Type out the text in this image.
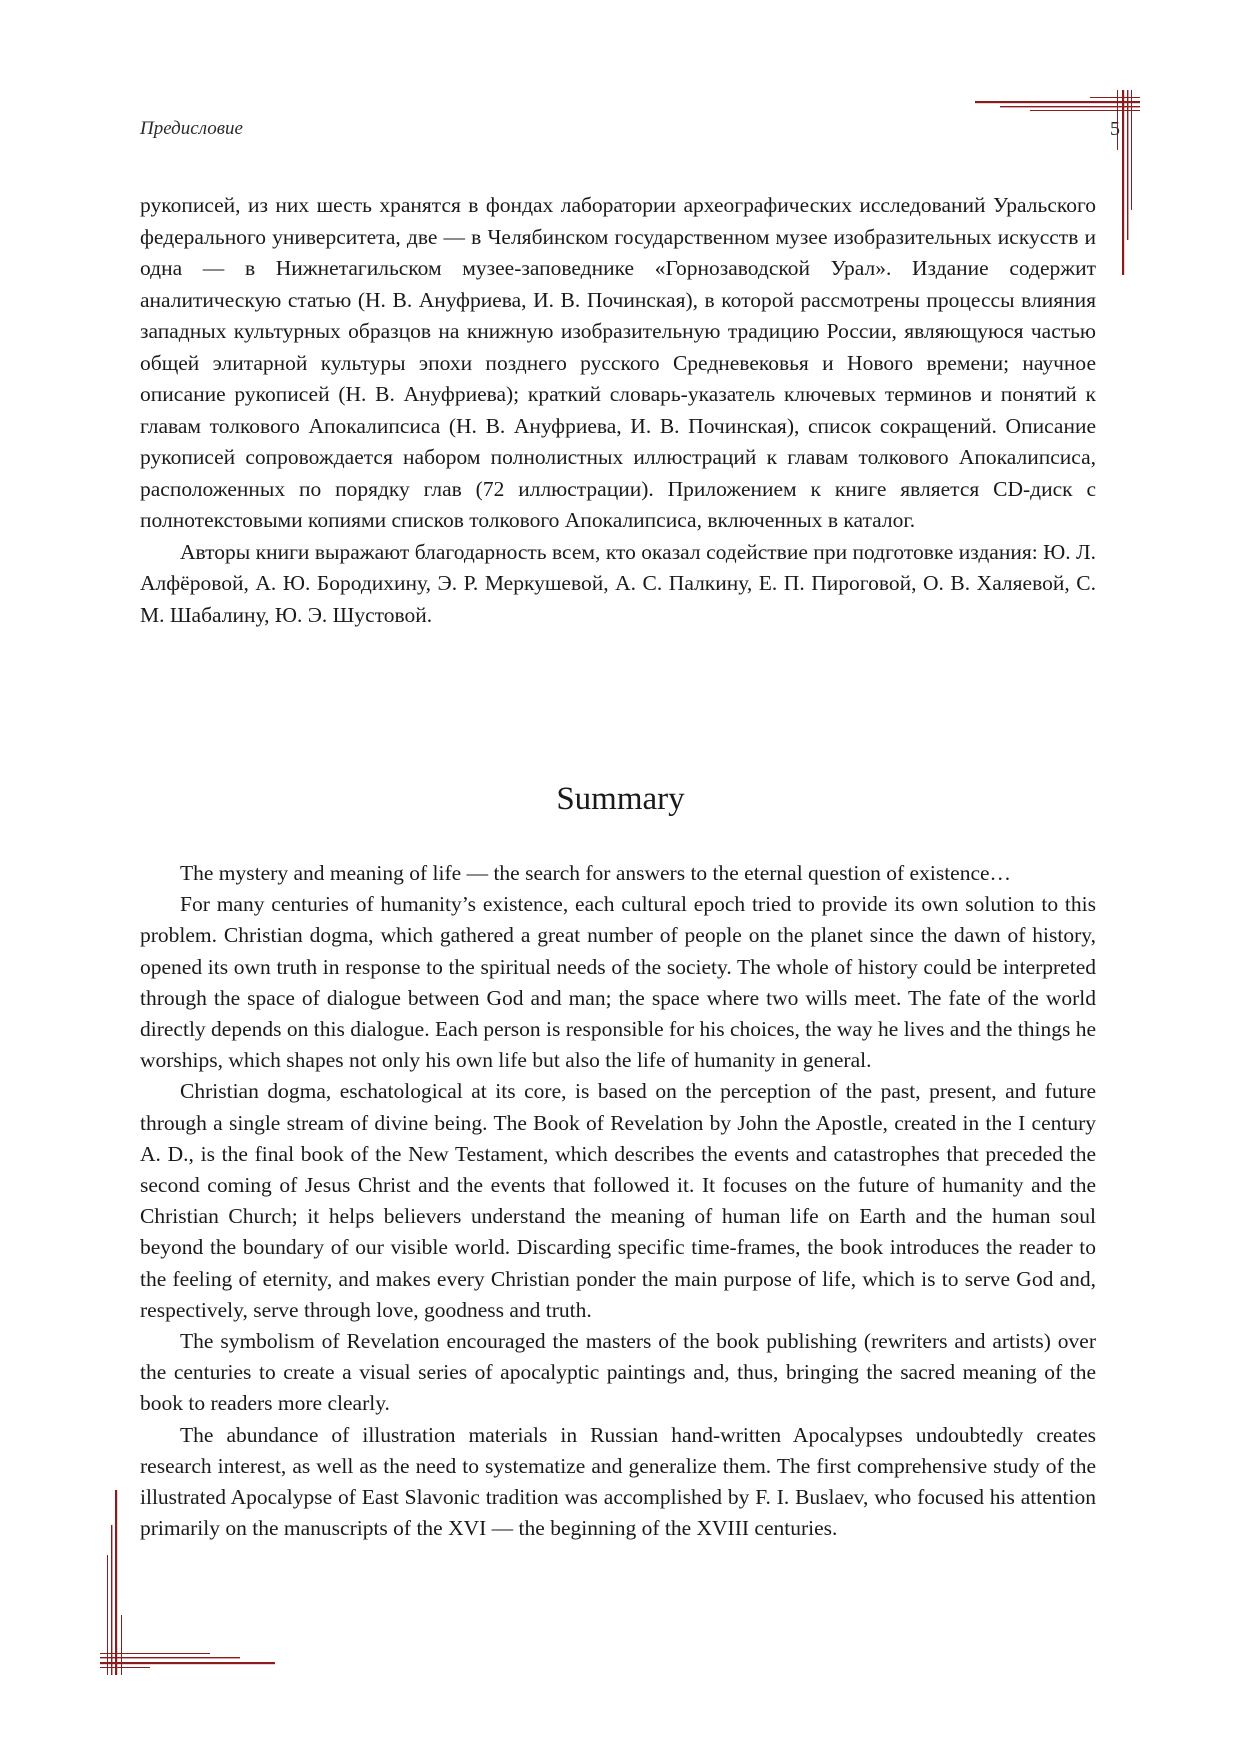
Предисловие	5

рукописей, из них шесть хранятся в фондах лаборатории археографических исследований Уральского федерального университета, две — в Челябинском государственном музее изобразительных искусств и одна — в Нижнетагильском музее-заповеднике «Горнозаводской Урал». Издание содержит аналитическую статью (Н. В. Ануфриева, И. В. Починская), в которой рассмотрены процессы влияния западных культурных образцов на книжную изобразительную традицию России, являющуюся частью общей элитарной культуры эпохи позднего русского Средневековья и Нового времени; научное описание рукописей (Н. В. Ануфриева); краткий словарь-указатель ключевых терминов и понятий к главам толкового Апокалипсиса (Н. В. Ануфриева, И. В. Починская), список сокращений. Описание рукописей сопровождается набором полнолистных иллюстраций к главам толкового Апокалипсиса, расположенных по порядку глав (72 иллюстрации). Приложением к книге является CD-диск с полнотекстовыми копиями списков толкового Апокалипсиса, включенных в каталог.

Авторы книги выражают благодарность всем, кто оказал содействие при подготовке издания: Ю. Л. Алфёровой, А. Ю. Бородихину, Э. Р. Меркушевой, А. С. Палкину, Е. П. Пироговой, О. В. Халяевой, С. М. Шабалину, Ю. Э. Шустовой.

Summary

The mystery and meaning of life — the search for answers to the eternal question of existence…

For many centuries of humanity’s existence, each cultural epoch tried to provide its own solution to this problem. Christian dogma, which gathered a great number of people on the planet since the dawn of history, opened its own truth in response to the spiritual needs of the society. The whole of history could be interpreted through the space of dialogue between God and man; the space where two wills meet. The fate of the world directly depends on this dialogue. Each person is responsible for his choices, the way he lives and the things he worships, which shapes not only his own life but also the life of humanity in general.

Christian dogma, eschatological at its core, is based on the perception of the past, present, and future through a single stream of divine being. The Book of Revelation by John the Apostle, created in the I century A. D., is the final book of the New Testament, which describes the events and catastrophes that preceded the second coming of Jesus Christ and the events that followed it. It focuses on the future of humanity and the Christian Church; it helps believers understand the meaning of human life on Earth and the human soul beyond the boundary of our visible world. Discarding specific time-frames, the book introduces the reader to the feeling of eternity, and makes every Christian ponder the main purpose of life, which is to serve God and, respectively, serve through love, goodness and truth.

The symbolism of Revelation encouraged the masters of the book publishing (rewriters and artists) over the centuries to create a visual series of apocalyptic paintings and, thus, bringing the sacred meaning of the book to readers more clearly.

The abundance of illustration materials in Russian hand-written Apocalypses undoubtedly creates research interest, as well as the need to systematize and generalize them. The first comprehensive study of the illustrated Apocalypse of East Slavonic tradition was accomplished by F. I. Buslaev, who focused his attention primarily on the manuscripts of the XVI — the beginning of the XVIII centuries.
